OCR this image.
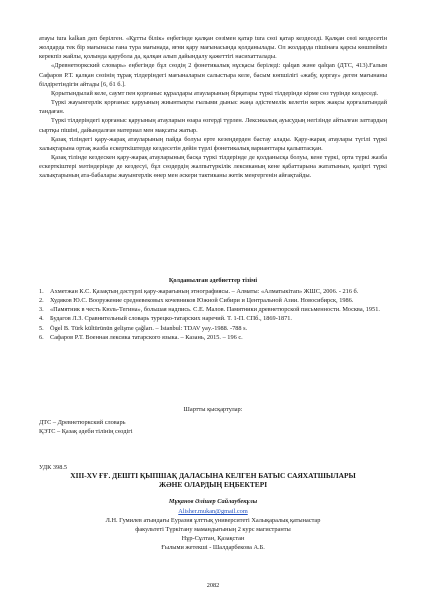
атауы tura kalkan деп берілген. «Құтты білік» еңбегінде қалқан сөзімен қатар tura сөзі қатар кездеседі. Қалқан сөзі кездесетін жолдарда тек бір мағынасы ғана тура мағынада, яғни қару мағынасында қолданылады. Ол жолдарда пішінаға қарсы көшпейміз керекпіз жайлы, қолында қарубола да, қалқан алып дайындалу қажеттігі насихатталады.

«Древнетюркский словарь» еңбегінде бұл сөздің 2 фонетикалық нұсқасы беріледі: qalqan және qalqan (ДТС, 413).Ғалым Сафаров Р.Т. қалқан сөзінің тұрақ тілдеріндегі мағыналарын салыстыра келе, басым көпшілігі «жабу, қоргау» деген мағынаны білдіретіндігін айтады [6, б1 б.].

Қорытындылай келе, саумт пен қорғаныс құралдары атауларының бірқатары түркі тілдерінде кірме сөз түрінде кездеседі.

Түркі жауынгерлік қорғаныс қаруының жиынтықты ғылыми дыныс жаңа әдістемелік келетін керек жақсы қорғалатындай тандаған.

Түркі тілдеріндегі қорғаныс қаруының атауларын өзара өзгерді түрлен. Лексикалық ауысудың негізінде айтылған заттардың сыртқы пішіні, дайындалған материал мен мақсаты жатыр.

Қазақ тіліндегі қару-жарақ атауларының пайда болуы ерте кезеңдерден бастау алады. Қару-жарақ атаулары түгілі түркі халықтарына ортақ жазба ескерткіштерде кездесетін дейін түрлі фонетикалық варианттары қалыптасқан.

Қазақ тілінде кездескен қару-жарақ атауларының басқа түркі тілдерінде де қолданысқа болуы, кене түркі, орта түркі жазба ескерткіштері мәтіндерінде де кездесуі, бұл сөздердің жалпытүркілік лексиканың кене қабаттарына жататынын, қазіргі түркі халықтарының ата-бабалары жауынгерлік өнер мен әскери тактиканы жетік меңгергенін айғақтайды.

Қолданылған әдебиеттер тізімі

1. Ахметжан К.С. Қазақтың дәстүрлі қару-жарағының этнографиясы. – Алматы: «Алматыкітап» ЖШС, 2006. - 216 б.

2. Худяков Ю.С. Вооружение средневековых кочевников Южной Сибири и Центральной Азии. Новосибирск, 1986.

3. «Памятник в честь Кюль-Тегина», большая надпись. С.Е. Малов. Памятники древнетюрской письменности. Москва, 1951.

4. Будагов Л.З. Сравнительный словарь турецко-татарских наречий. Т. 1-П. СПб., 1869-1871.

5. Ögel B. Türk kültürünün gelişme çağları. – İstanbul: TDAV yay.-1988. -788 s.

6. Сафаров Р.Т. Военная лексика татарского языка. – Казань, 2015. – 196 с.

Шартты қысқартулар:

ДТС – Древнетюркский словарь

ҚЭТС – Қазақ әдеби тілінің сөздігі

УДК 398.5
XIII-XV ҒҒ. ДЕШТІ ҚЫПШАҚ ДАЛАСЫНА КЕЛГЕН БАТЫС САЯХАТШЫЛАРЫ
ЖӘНЕ ОЛАРДЫҢ ЕҢБЕКТЕРІ
Мұқанов Әлішер Сайлаубекұлы
Alisher.mukan@gmail.com
Л.Н. Гумилев атындағы Еуразия ұлттық университеті Халықаралық қатынастар
факультеті Түркітану мамандығының 2 курс магистранты
Нұр-Сұлтан, Қазақстан
Ғылыми жетекші - Шалдарбекова А.Б.
2082
